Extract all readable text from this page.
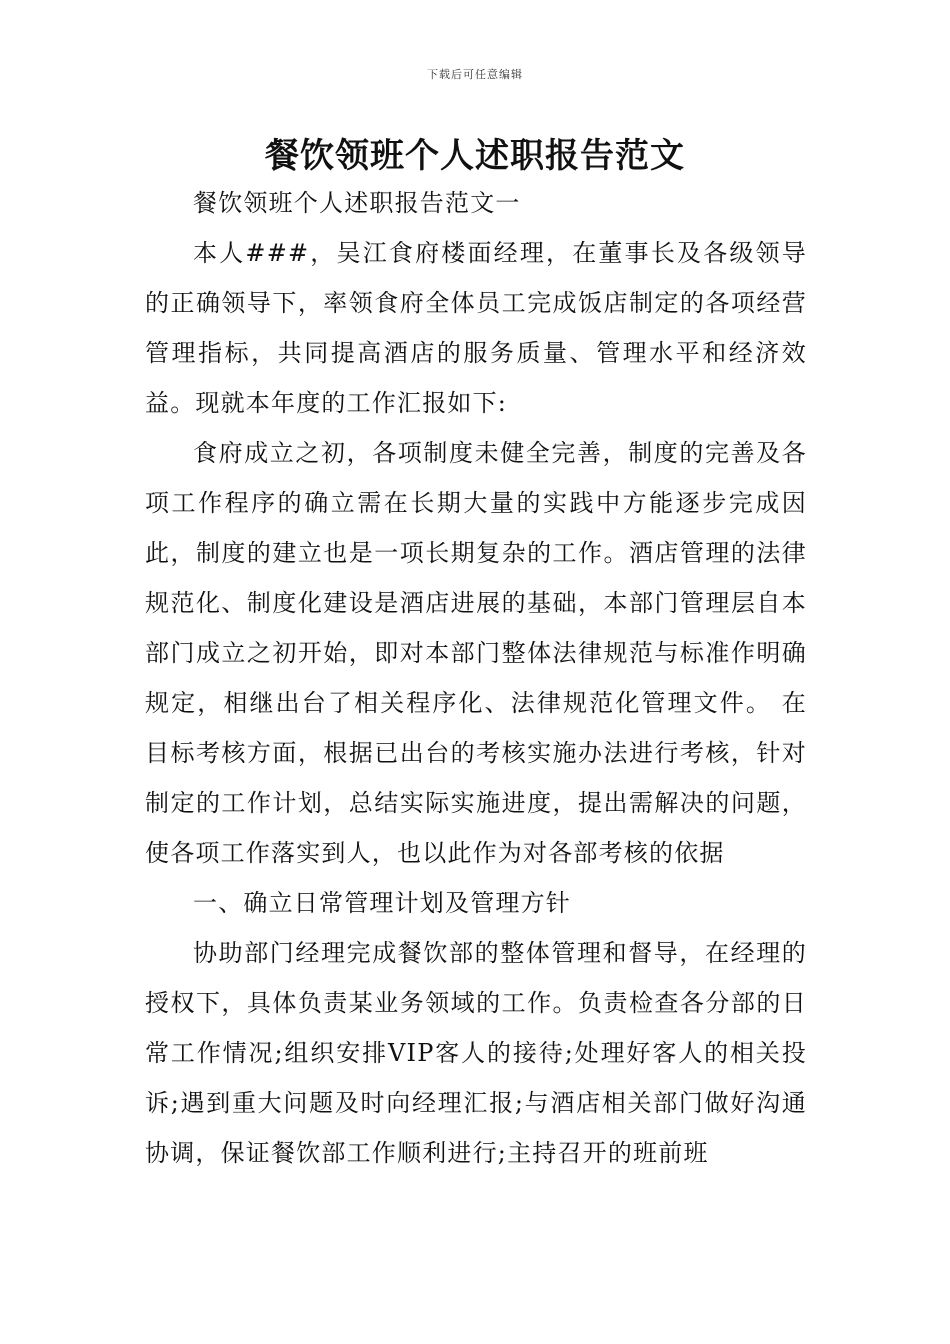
下载后可任意编辑
餐饮领班个人述职报告范文

餐饮领班个人述职报告范文一

本人###，吴江食府楼面经理，在董事长及各级领导的正确领导下，率领食府全体员工完成饭店制定的各项经营管理指标，共同提高酒店的服务质量、管理水平和经济效益。现就本年度的工作汇报如下:

食府成立之初，各项制度未健全完善，制度的完善及各项工作程序的确立需在长期大量的实践中方能逐步完成因此，制度的建立也是一项长期复杂的工作。酒店管理的法律规范化、制度化建设是酒店进展的基础，本部门管理层自本部门成立之初开始，即对本部门整体法律规范与标准作明确规定，相继出台了相关程序化、法律规范化管理文件。 在目标考核方面，根据已出台的考核实施办法进行考核，针对制定的工作计划，总结实际实施进度，提出需解决的问题，使各项工作落实到人，也以此作为对各部考核的依据

一、确立日常管理计划及管理方针

协助部门经理完成餐饮部的整体管理和督导，在经理的授权下，具体负责某业务领域的工作。负责检查各分部的日常工作情况;组织安排VIP客人的接待;处理好客人的相关投诉;遇到重大问题及时向经理汇报;与酒店相关部门做好沟通协调，保证餐饮部工作顺利进行;主持召开的班前班
